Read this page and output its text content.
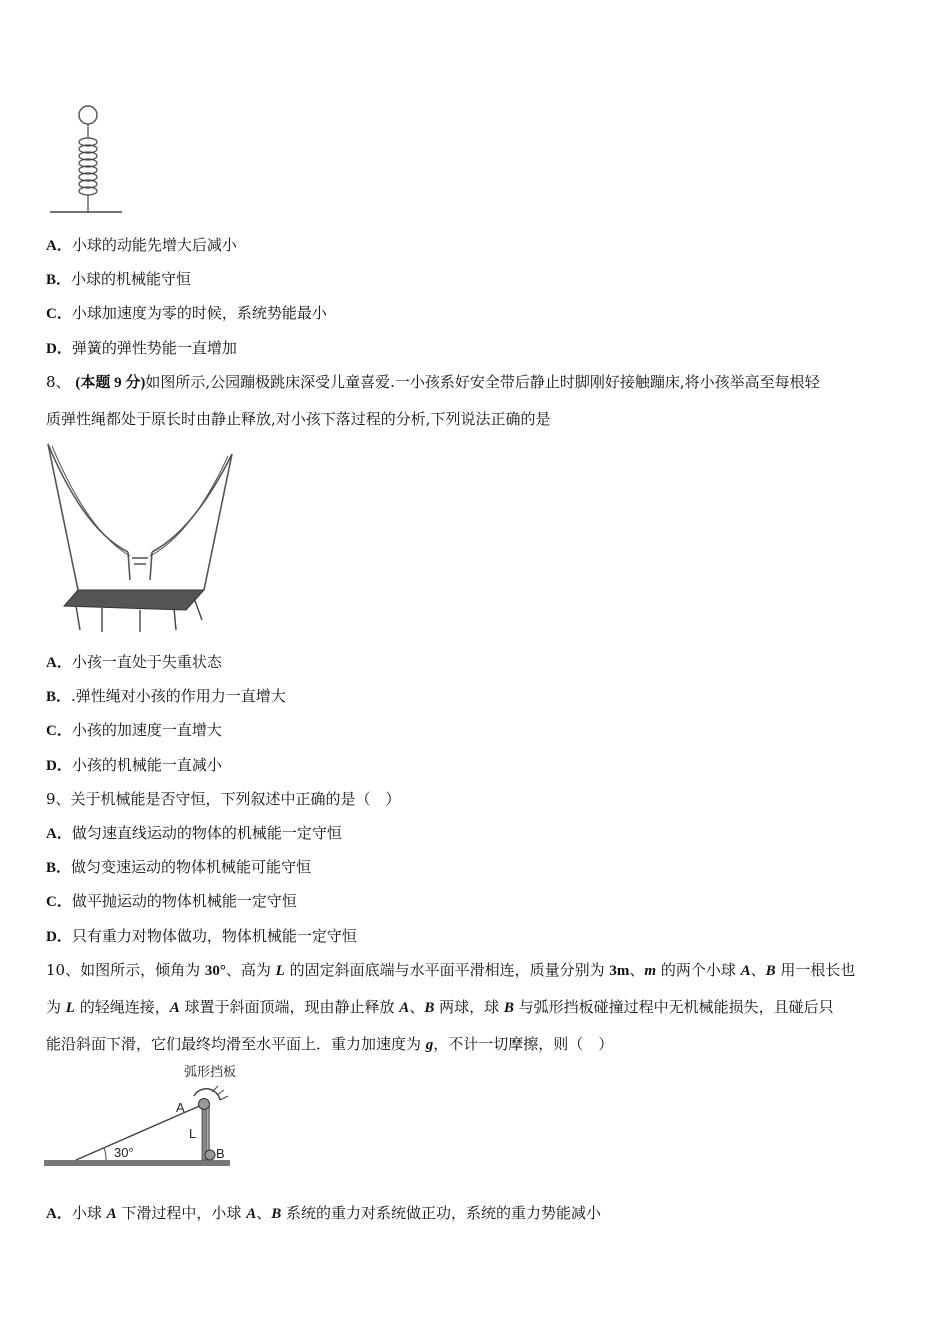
A．小球的动能先增大后减小
B．小球的机械能守恒
C．小球加速度为零的时候，系统势能最小
D．弹簧的弹性势能一直增加
8、 (本题 9 分)如图所示,公园蹦极跳床深受儿童喜爱.一小孩系好安全带后静止时脚刚好接触蹦床,将小孩举高至每根轻
质弹性绳都处于原长时由静止释放,对小孩下落过程的分析,下列说法正确的是
A．小孩一直处于失重状态
B．.弹性绳对小孩的作用力一直增大
C．小孩的加速度一直增大
D．小孩的机械能一直减小
9、关于机械能是否守恒，下列叙述中正确的是（　）
A．做匀速直线运动的物体的机械能一定守恒
B．做匀变速运动的物体机械能可能守恒
C．做平抛运动的物体机械能一定守恒
D．只有重力对物体做功，物体机械能一定守恒
10、如图所示，倾角为 30°、高为 L 的固定斜面底端与水平面平滑相连，质量分别为 3m、m 的两个小球 A、B 用一根长也
为 L 的轻绳连接，A 球置于斜面顶端，现由静止释放 A、B 两球，球 B 与弧形挡板碰撞过程中无机械能损失，且碰后只
能沿斜面下滑，它们最终均滑至水平面上．重力加速度为 g，不计一切摩擦，则（　）
弧形挡板
A
L
B
30°
A．小球 A 下滑过程中，小球 A、B 系统的重力对系统做正功，系统的重力势能减小
